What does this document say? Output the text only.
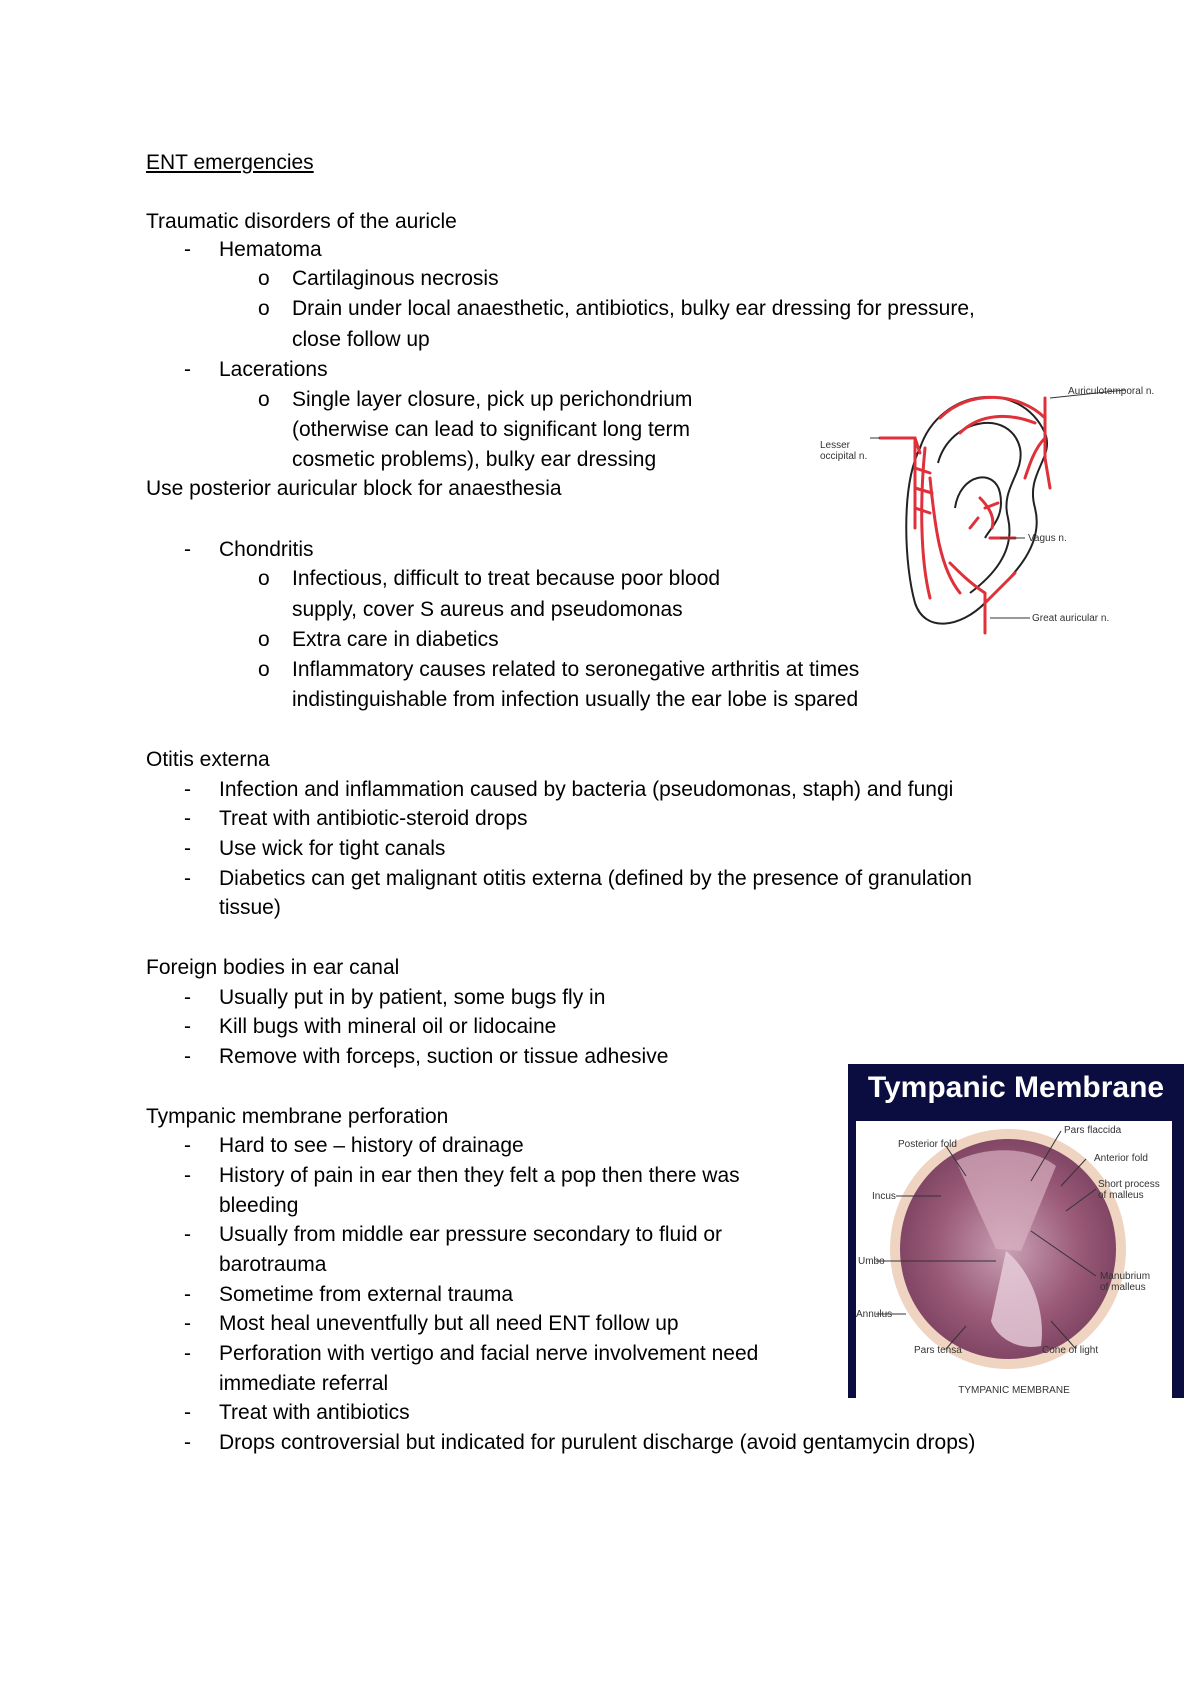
ENT emergencies
Traumatic disorders of the auricle
-	Hematoma
o	Cartilaginous necrosis
o	Drain under local anaesthetic, antibiotics, bulky ear dressing for pressure,
close follow up
-	Lacerations
o	Single layer closure, pick up perichondrium
(otherwise can lead to significant long term
cosmetic problems), bulky ear dressing
Use posterior auricular block for anaesthesia
-	Chondritis
o	Infectious, difficult to treat because poor blood
supply, cover S aureus and pseudomonas
o	Extra care in diabetics
o	Inflammatory causes related to seronegative arthritis at times
indistinguishable from infection usually the ear lobe is spared
Otitis externa
-	Infection and inflammation caused by bacteria (pseudomonas, staph) and fungi
-	Treat with antibiotic-steroid drops
-	Use wick for tight canals
-	Diabetics can get malignant otitis externa (defined by the presence of granulation
tissue)
Foreign bodies in ear canal
-	Usually put in by patient, some bugs fly in
-	Kill bugs with mineral oil or lidocaine
-	Remove with forceps, suction or tissue adhesive
Tympanic membrane perforation
-	Hard to see – history of drainage
-	History of pain in ear then they felt a pop then there was
bleeding
-	Usually from middle ear pressure secondary to fluid or
barotrauma
-	Sometime from external trauma
-	Most heal uneventfully but all need ENT follow up
-	Perforation with vertigo and facial nerve involvement need
immediate referral
-	Treat with antibiotics
-	Drops controversial but indicated for purulent discharge (avoid gentamycin drops)
Auriculotemporal n.
Lesser
occipital n.
Vagus n.
Great auricular n.
Tympanic Membrane
Pars flaccida
Posterior fold
Anterior fold
Short process
of malleus
Incus
Umbo
Manubrium
of malleus
Annulus
Pars tensa	Cone of light
TYMPANIC MEMBRANE
